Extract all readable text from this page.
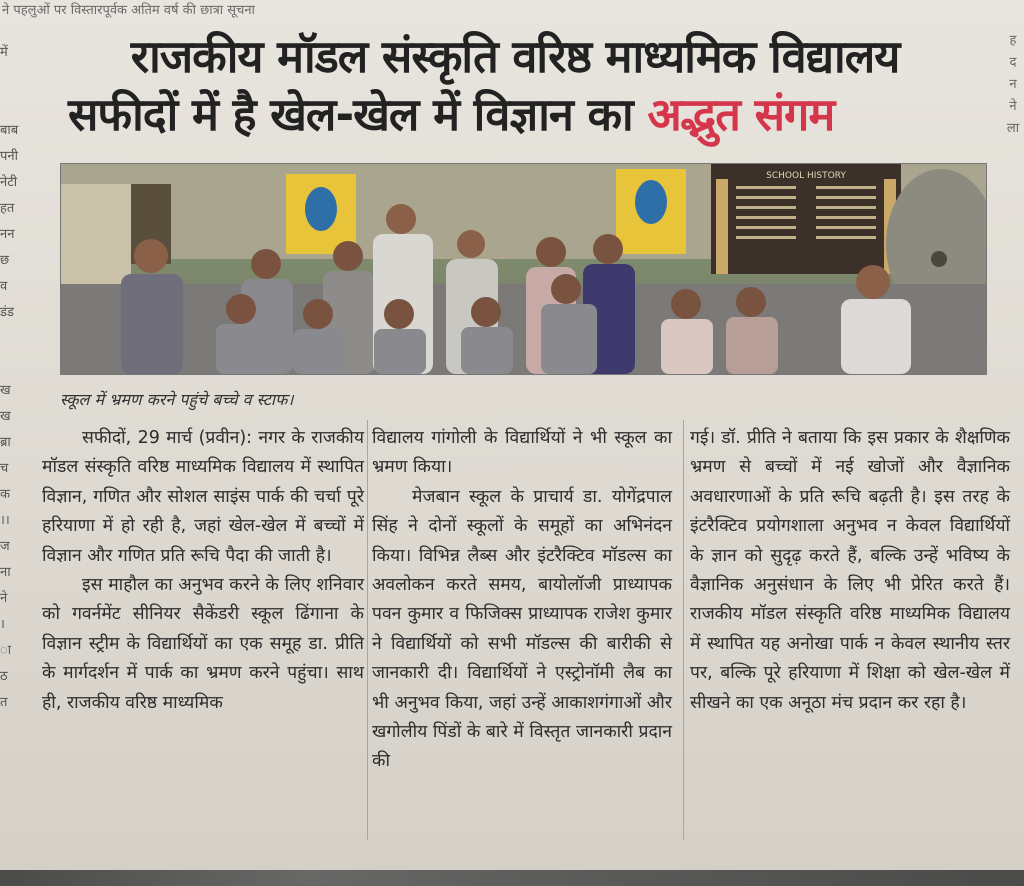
ने पहलुओं पर विस्तारपूर्वक अतिम वर्ष की छात्रा सूचना
में
बाब
पनी
नेटी
हत
नन
छ
व
डंड
ख
ख
ब्रा
च
क
।।
ज
ना
ने
।
ा
ठ
त
ह
द
न
ने
ला
राजकीय मॉडल संस्कृति वरिष्ठ माध्यमिक विद्यालय
सफीदों में है खेल-खेल में विज्ञान का अद्भुत संगम
SCHOOL HISTORY
स्कूल में भ्रमण करने पहुंचे बच्चे व स्टाफ।

सफीदों, 29 मार्च (प्रवीन): नगर के राजकीय मॉडल संस्कृति वरिष्ठ माध्यमिक विद्यालय में स्थापित विज्ञान, गणित और सोशल साइंस पार्क की चर्चा पूरे हरियाणा में हो रही है, जहां खेल-खेल में बच्चों में विज्ञान और गणित प्रति रूचि पैदा की जाती है।

इस माहौल का अनुभव करने के लिए शनिवार को गवर्नमेंट सीनियर सैकेंडरी स्कूल ढिंगाना के विज्ञान स्ट्रीम के विद्यार्थियों का एक समूह डा. प्रीति के मार्गदर्शन में पार्क का भ्रमण करने पहुंचा। साथ ही, राजकीय वरिष्ठ माध्यमिक

विद्यालय गांगोली के विद्यार्थियों ने भी स्कूल का भ्रमण किया।

मेजबान स्कूल के प्राचार्य डा. योगेंद्रपाल सिंह ने दोनों स्कूलों के समूहों का अभिनंदन किया। विभिन्न लैब्स और इंटरैक्टिव मॉडल्स का अवलोकन करते समय, बायोलॉजी प्राध्यापक पवन कुमार व फिजिक्स प्राध्यापक राजेश कुमार ने विद्यार्थियों को सभी मॉडल्स की बारीकी से जानकारी दी। विद्यार्थियों ने एस्ट्रोनॉमी लैब का भी अनुभव किया, जहां उन्हें आकाशगंगाओं और खगोलीय पिंडों के बारे में विस्तृत जानकारी प्रदान की

गई। डॉ. प्रीति ने बताया कि इस प्रकार के शैक्षणिक भ्रमण से बच्चों में नई खोजों और वैज्ञानिक अवधारणाओं के प्रति रूचि बढ़ती है। इस तरह के इंटरैक्टिव प्रयोगशाला अनुभव न केवल विद्यार्थियों के ज्ञान को सुदृढ़ करते हैं, बल्कि उन्हें भविष्य के वैज्ञानिक अनुसंधान के लिए भी प्रेरित करते हैं। राजकीय मॉडल संस्कृति वरिष्ठ माध्यमिक विद्यालय में स्थापित यह अनोखा पार्क न केवल स्थानीय स्तर पर, बल्कि पूरे हरियाणा में शिक्षा को खेल-खेल में सीखने का एक अनूठा मंच प्रदान कर रहा है।
